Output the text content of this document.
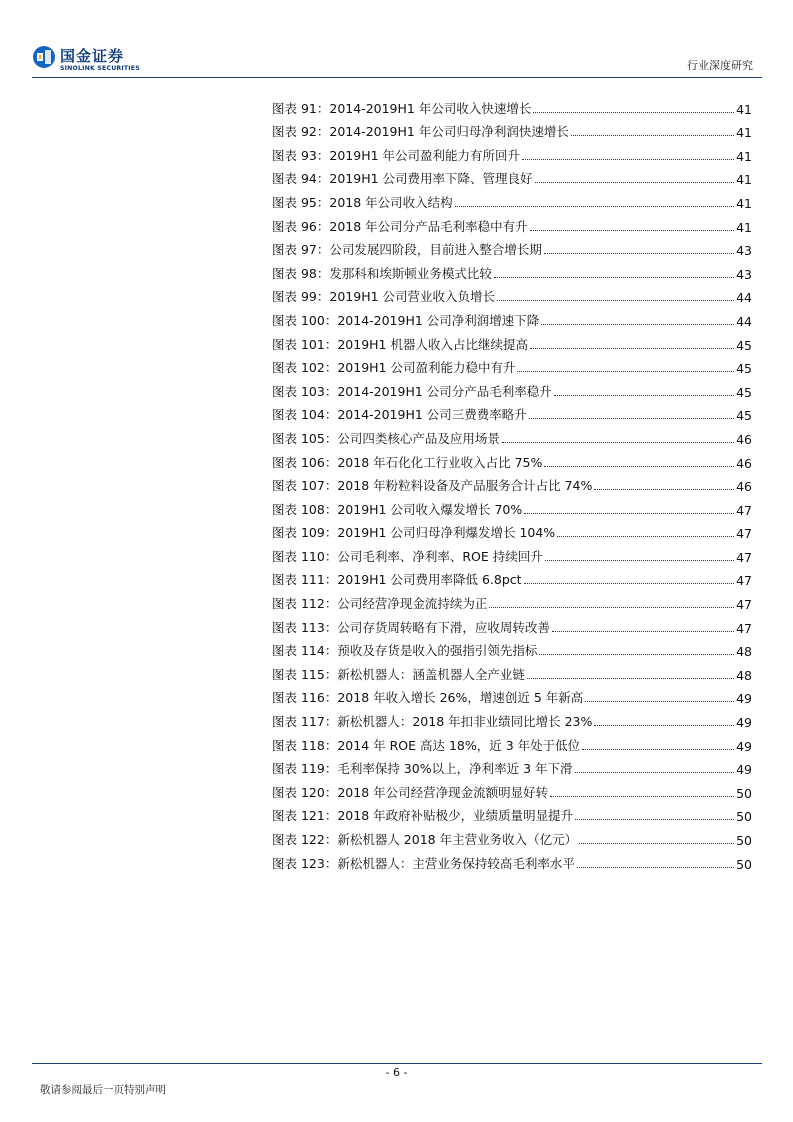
国金证券
SINOLINK SECURITIES	行业深度研究
图表 91：2014-2019H1 年公司收入快速增长	41
图表 92：2014-2019H1 年公司归母净利润快速增长	41
图表 93：2019H1 年公司盈利能力有所回升	41
图表 94：2019H1 公司费用率下降、管理良好	41
图表 95：2018 年公司收入结构	41
图表 96：2018 年公司分产品毛利率稳中有升	41
图表 97：公司发展四阶段，目前进入整合增长期	43
图表 98：发那科和埃斯顿业务模式比较	43
图表 99：2019H1 公司营业收入负增长	44
图表 100：2014-2019H1 公司净利润增速下降	44
图表 101：2019H1 机器人收入占比继续提高	45
图表 102：2019H1 公司盈利能力稳中有升	45
图表 103：2014-2019H1 公司分产品毛利率稳升	45
图表 104：2014-2019H1 公司三费费率略升	45
图表 105：公司四类核心产品及应用场景	46
图表 106：2018 年石化化工行业收入占比 75%	46
图表 107：2018 年粉粒料设备及产品服务合计占比 74%	46
图表 108：2019H1 公司收入爆发增长 70%	47
图表 109：2019H1 公司归母净利爆发增长 104%	47
图表 110：公司毛利率、净利率、ROE 持续回升	47
图表 111：2019H1 公司费用率降低 6.8pct	47
图表 112：公司经营净现金流持续为正	47
图表 113：公司存货周转略有下滑，应收周转改善	47
图表 114：预收及存货是收入的强指引领先指标	48
图表 115：新松机器人：涵盖机器人全产业链	48
图表 116：2018 年收入增长 26%，增速创近 5 年新高	49
图表 117：新松机器人：2018 年扣非业绩同比增长 23%	49
图表 118：2014 年 ROE 高达 18%，近 3 年处于低位	49
图表 119：毛利率保持 30%以上，净利率近 3 年下滑	49
图表 120：2018 年公司经营净现金流额明显好转	50
图表 121：2018 年政府补贴极少，业绩质量明显提升	50
图表 122：新松机器人 2018 年主营业务收入（亿元）	50
图表 123：新松机器人：主营业务保持较高毛利率水平	50
- 6 -
敬请参阅最后一页特别声明
